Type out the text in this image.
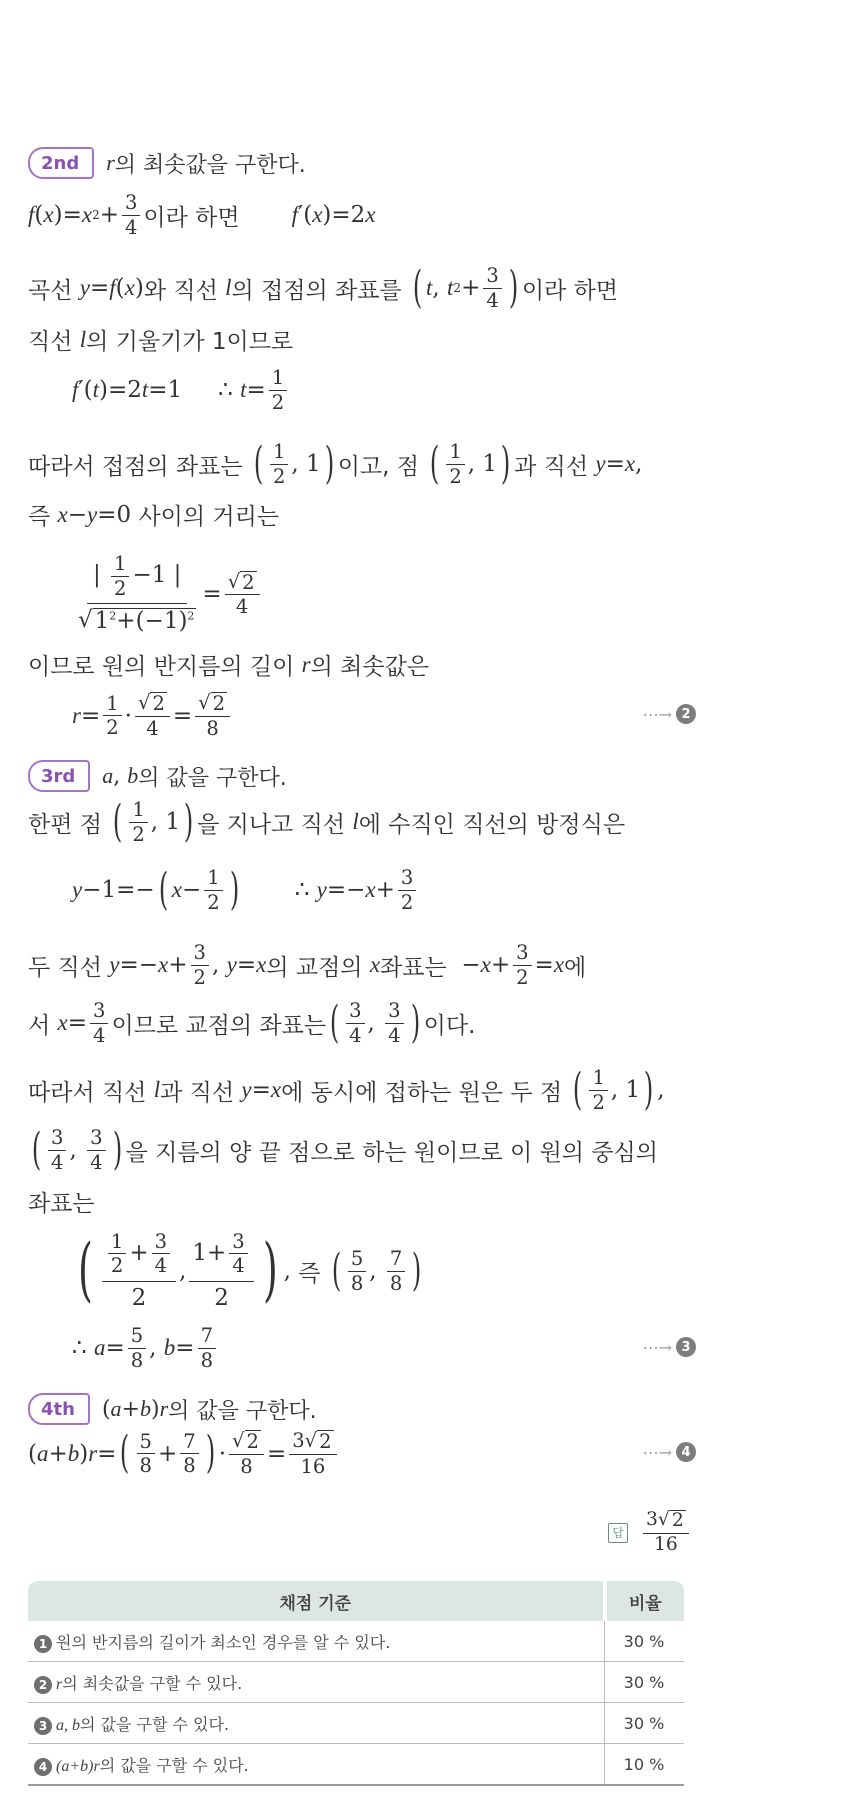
2nd	r 의 최솟값을 구한다.
f ( x )= x $2 + \frac{3}{4}$ 이라 하면 f ′( x )=2 x
곡선
y = f ( x ) 와 직선
l 의 접점의 좌표를
( t , t $2 + \frac{3}{4}$ ) 이라 하면
직선
l 의 기울기가 1이므로
f ′( t )=2 t =1
∴ $t = \frac{1}{2}$
따라서 접점의 좌표는
( $\frac{1}{2}$ , 1 ) 이고, 점
( $\frac{1}{2}$ , 1 ) 과 직선
y = x ,
즉
x − y =0 사이의 거리는
$\frac{| \frac{1}{2} -1 |}{√ 1^2+(-1)^2} = \frac{√ 2}{4}$
이므로 원의 반지름의 길이
r 의 최솟값은
$r = \frac{1}{2} \cdot \frac{√ 2}{4} = \frac{√ 2}{8}$	⋯→ 2
3rd	a , b 의 값을 구한다.
한편 점
( $\frac{1}{2}$ , 1 ) 을 지나고 직선
l 에 수직인 직선의 방정식은
y −1=− ( $x - \frac{1}{2}$ ) ∴ $y =- x + \frac{3}{2}$
두 직선
$y =- x + \frac{3}{2}$ , y = x 의 교점의
x 좌표는 − $x + \frac{3}{2} = x$ 에
서
$x = \frac{3}{4}$ 이므로 교점의 좌표는 ( $\frac{3}{4}$ , $\frac{3}{4}$ ) 이다.
따라서 직선
l 과 직선
y = x 에 동시에 접하는 원은 두 점
( $\frac{1}{2}$ , 1 ) ,
( $\frac{3}{4}$ , $\frac{3}{4}$ ) 을 지름의 양 끝 점으로 하는 원이므로 이 원의 중심의
좌표는
( $\frac{\frac{1}{2} + \frac{3}{4}}{2}$ , $\frac{1+ \frac{3}{4}}{2}$ ) , 즉
( $\frac{5}{8}$ , $\frac{7}{8}$ )
∴ $a = \frac{5}{8}$ , $b = \frac{7}{8}$	⋯→ 3
4th	( a + b ) r 의 값을 구한다.
( a + b ) r = ( $\frac{5}{8} + \frac{7}{8}$ ) · $\frac{√ 2}{8} = \frac{3√ 2}{16}$	⋯→ 4
답 $\frac{3√ 2}{16}$
채점 기준	비율
1 원의 반지름의 길이가 최소인 경우를 알 수 있다.	30 %
2 r의 최솟값을 구할 수 있다.	30 %
3 a, b의 값을 구할 수 있다.	30 %
4 (a+b)r의 값을 구할 수 있다.	10 %
